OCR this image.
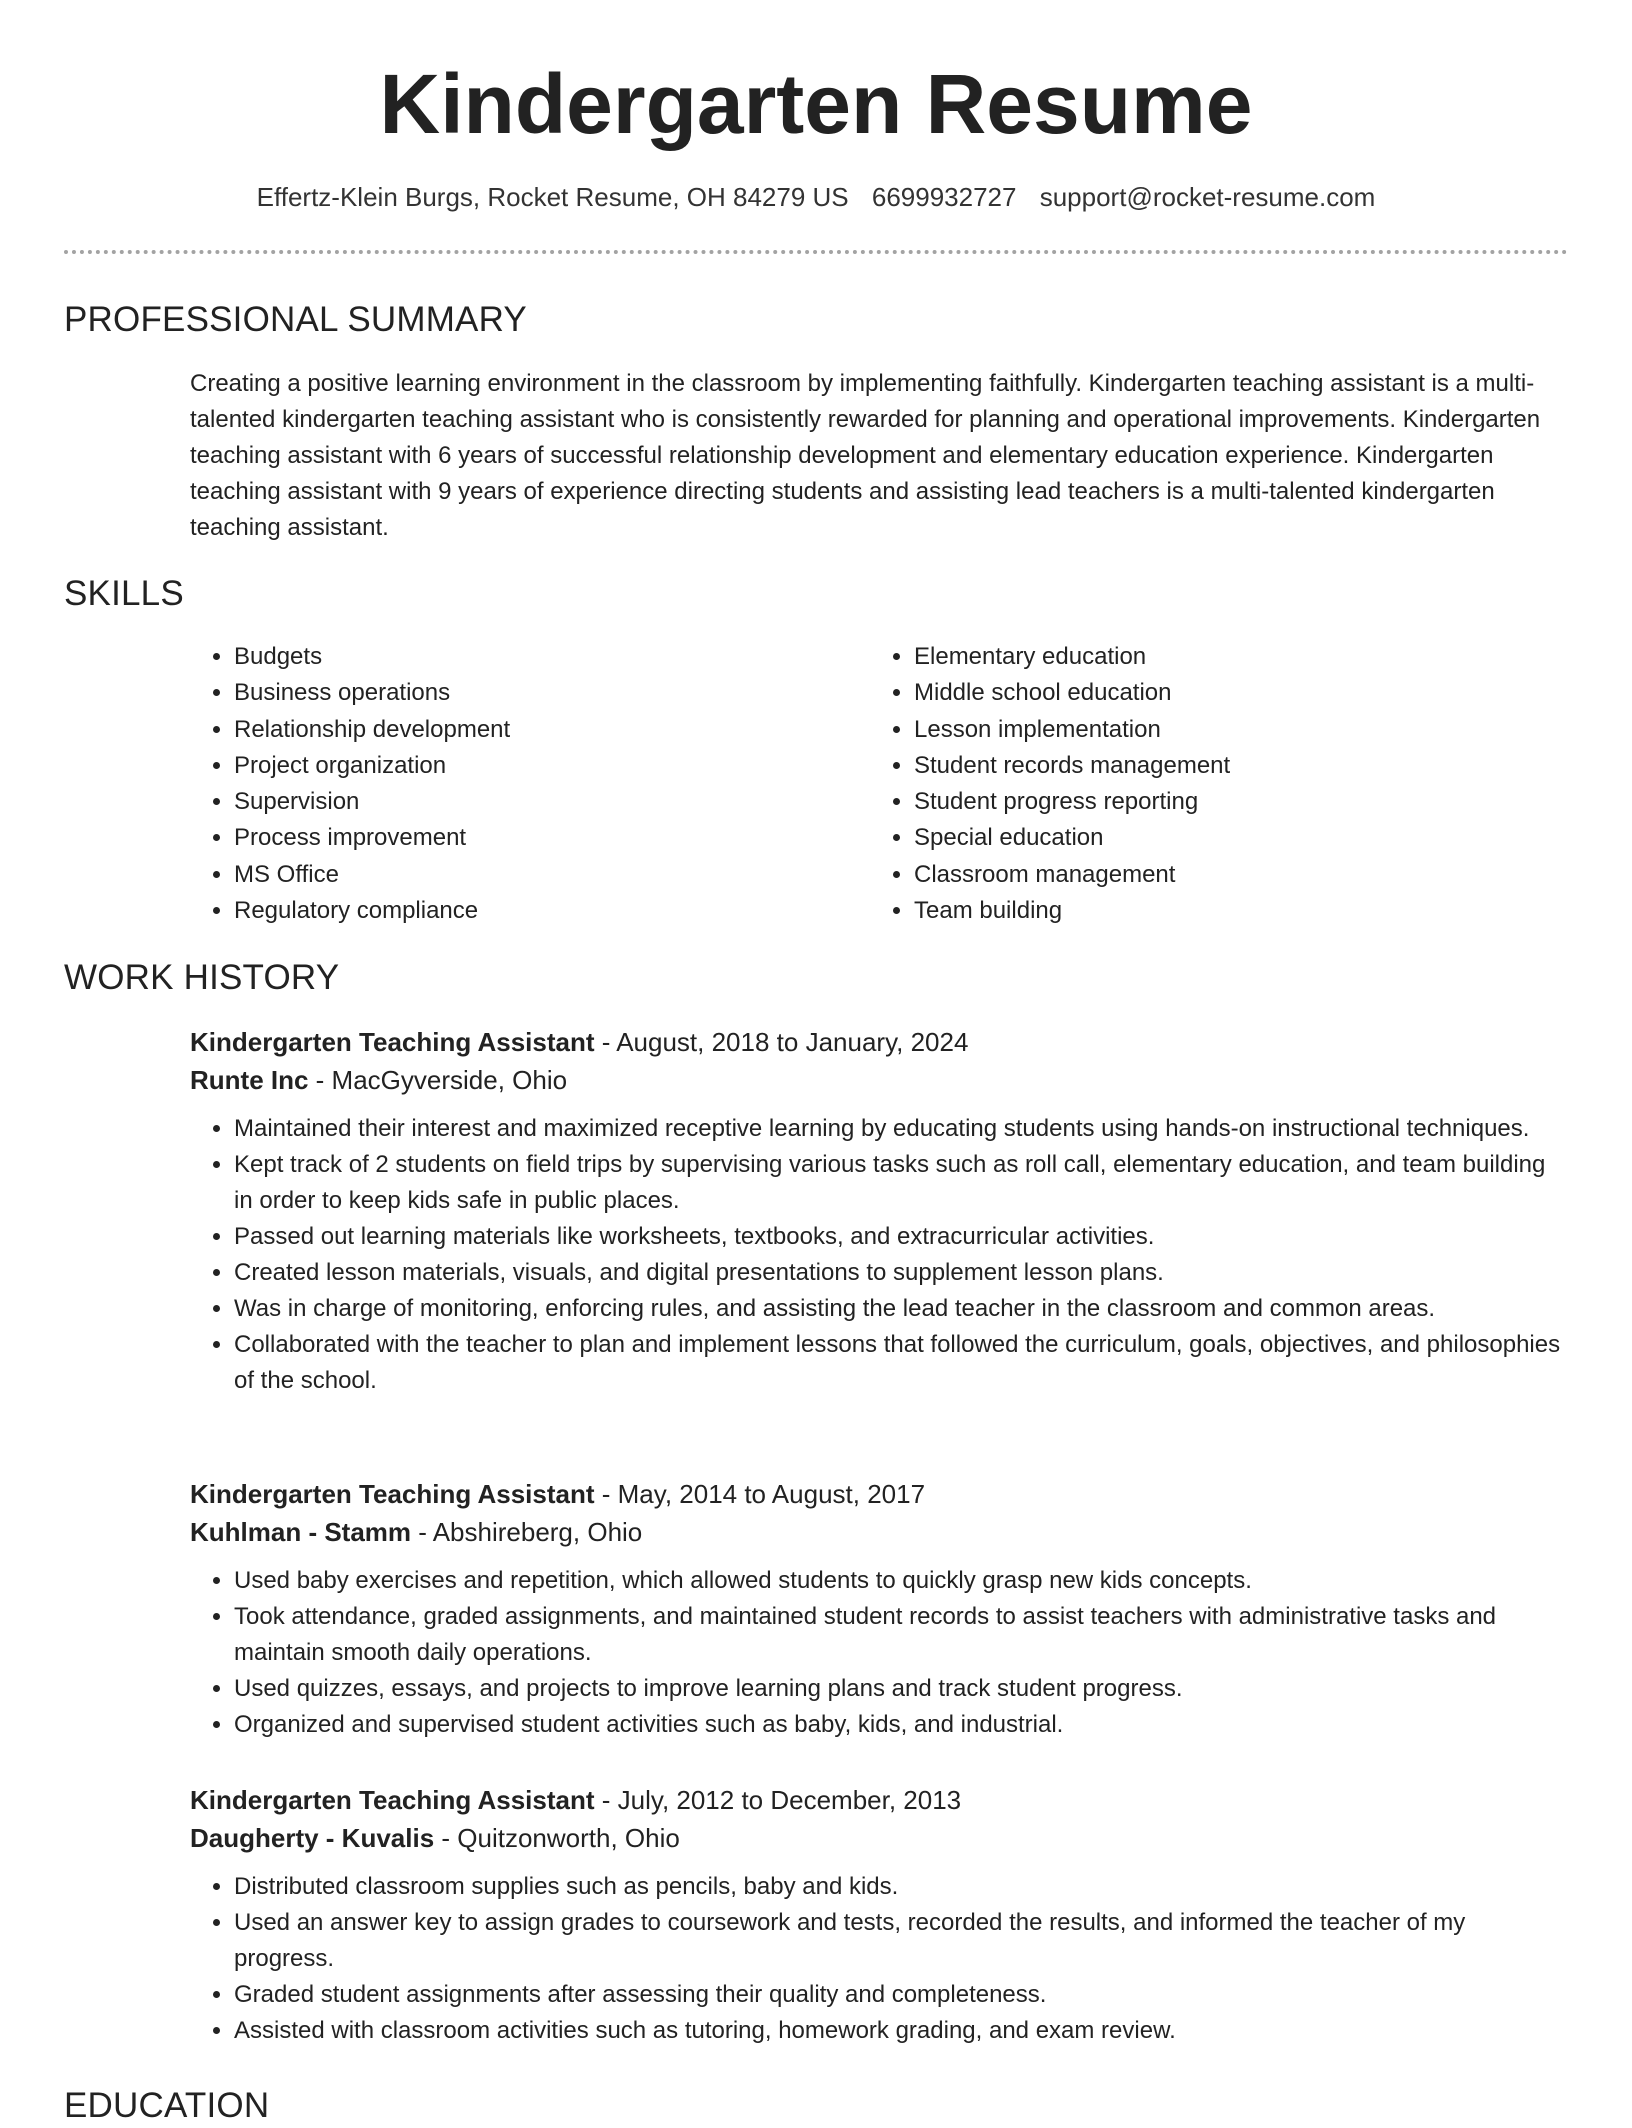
Kindergarten Resume
Effertz-Klein Burgs, Rocket Resume, OH 84279 US 6699932727 support@rocket-resume.com
PROFESSIONAL SUMMARY

Creating a positive learning environment in the classroom by implementing faithfully. Kindergarten teaching assistant is a multi-talented kindergarten teaching assistant who is consistently rewarded for planning and operational improvements. Kindergarten teaching assistant with 6 years of successful relationship development and elementary education experience. Kindergarten teaching assistant with 9 years of experience directing students and assisting lead teachers is a multi-talented kindergarten teaching assistant.

SKILLS
• Budgets
• Business operations
• Relationship development
• Project organization
• Supervision
• Process improvement
• MS Office
• Regulatory compliance
• Elementary education
• Middle school education
• Lesson implementation
• Student records management
• Student progress reporting
• Special education
• Classroom management
• Team building
WORK HISTORY
Kindergarten Teaching Assistant - August, 2018 to January, 2024
Runte Inc - MacGyverside, Ohio
• Maintained their interest and maximized receptive learning by educating students using hands-on instructional techniques.
• Kept track of 2 students on field trips by supervising various tasks such as roll call, elementary education, and team building in order to keep kids safe in public places.
• Passed out learning materials like worksheets, textbooks, and extracurricular activities.
• Created lesson materials, visuals, and digital presentations to supplement lesson plans.
• Was in charge of monitoring, enforcing rules, and assisting the lead teacher in the classroom and common areas.
• Collaborated with the teacher to plan and implement lessons that followed the curriculum, goals, objectives, and philosophies of the school.
Kindergarten Teaching Assistant - May, 2014 to August, 2017
Kuhlman - Stamm - Abshireberg, Ohio
• Used baby exercises and repetition, which allowed students to quickly grasp new kids concepts.
• Took attendance, graded assignments, and maintained student records to assist teachers with administrative tasks and maintain smooth daily operations.
• Used quizzes, essays, and projects to improve learning plans and track student progress.
• Organized and supervised student activities such as baby, kids, and industrial.
Kindergarten Teaching Assistant - July, 2012 to December, 2013
Daugherty - Kuvalis - Quitzonworth, Ohio
• Distributed classroom supplies such as pencils, baby and kids.
• Used an answer key to assign grades to coursework and tests, recorded the results, and informed the teacher of my progress.
• Graded student assignments after assessing their quality and completeness.
• Assisted with classroom activities such as tutoring, homework grading, and exam review.
EDUCATION
